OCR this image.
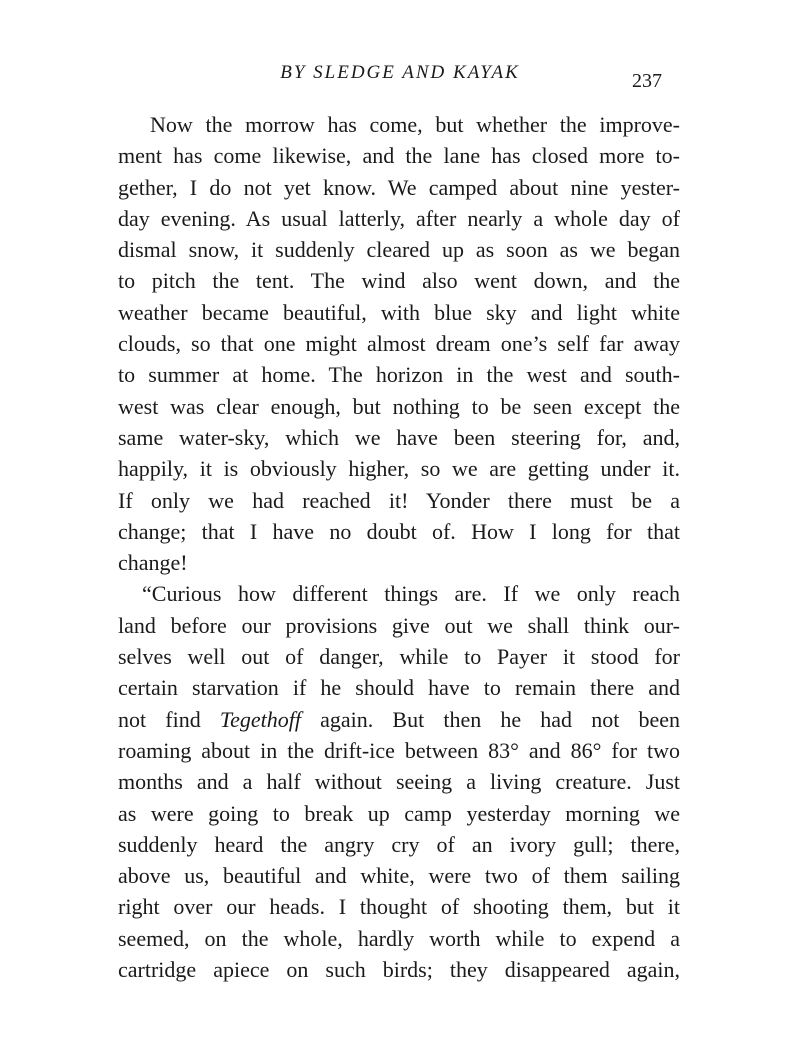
BY SLEDGE AND KAYAK	237
Now the morrow has come, but whether the improve-
ment has come likewise, and the lane has closed more to-
gether, I do not yet know. We camped about nine yester-
day evening. As usual latterly, after nearly a whole day of
dismal snow, it suddenly cleared up as soon as we began
to pitch the tent. The wind also went down, and the
weather became beautiful, with blue sky and light white
clouds, so that one might almost dream one’s self far away
to summer at home. The horizon in the west and south-
west was clear enough, but nothing to be seen except the
same water-sky, which we have been steering for, and,
happily, it is obviously higher, so we are getting under it.
If only we had reached it! Yonder there must be a
change; that I have no doubt of. How I long for that
change!
“Curious how different things are. If we only reach
land before our provisions give out we shall think our-
selves well out of danger, while to Payer it stood for
certain starvation if he should have to remain there and
not find Tegethoff again. But then he had not been
roaming about in the drift-ice between 83° and 86° for two
months and a half without seeing a living creature. Just
as were going to break up camp yesterday morning we
suddenly heard the angry cry of an ivory gull; there,
above us, beautiful and white, were two of them sailing
right over our heads. I thought of shooting them, but it
seemed, on the whole, hardly worth while to expend a
cartridge apiece on such birds; they disappeared again,
